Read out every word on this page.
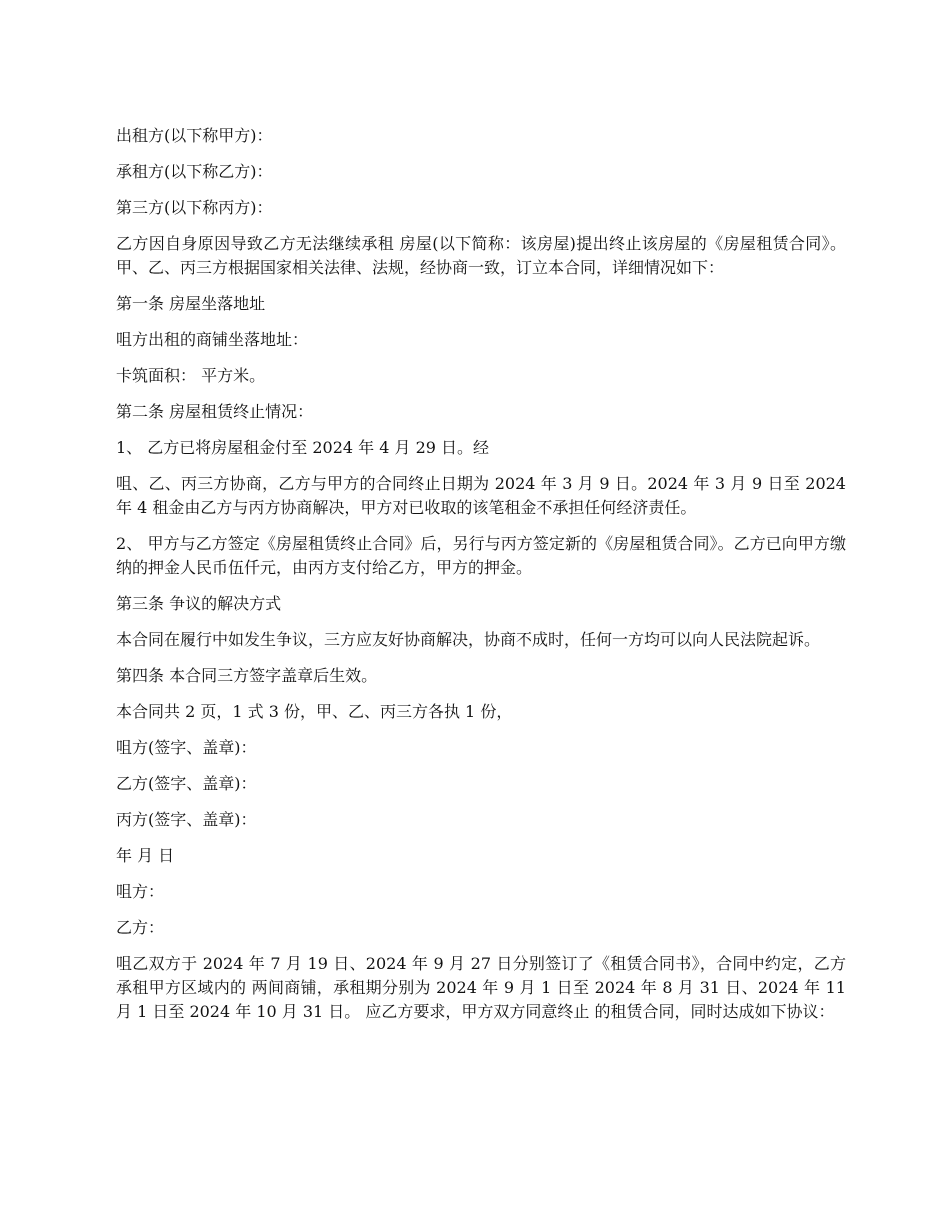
出租方(以下称甲方)：

承租方(以下称乙方)：

第三方(以下称丙方)：

乙方因自身原因导致乙方无法继续承租 房屋(以下简称：该房屋)提出终止该房屋的《房屋租赁合同》。甲、乙、丙三方根据国家相关法律、法规，经协商一致，订立本合同，详细情况如下：

第一条 房屋坐落地址

咀方出租的商铺坐落地址：

卡筑面积： 平方米。

第二条 房屋租赁终止情况：

1、 乙方已将房屋租金付至 2024 年 4 月 29 日。经

咀、乙、丙三方协商，乙方与甲方的合同终止日期为 2024 年 3 月 9 日。2024 年 3 月 9 日至 2024 年 4 租金由乙方与丙方协商解决，甲方对已收取的该笔租金不承担任何经济责任。

2、 甲方与乙方签定《房屋租赁终止合同》后，另行与丙方签定新的《房屋租赁合同》。乙方已向甲方缴纳的押金人民币伍仟元，由丙方支付给乙方，甲方的押金。

第三条 争议的解决方式

本合同在履行中如发生争议，三方应友好协商解决，协商不成时，任何一方均可以向人民法院起诉。

第四条 本合同三方签字盖章后生效。

本合同共 2 页，1 式 3 份，甲、乙、丙三方各执 1 份，

咀方(签字、盖章)：

乙方(签字、盖章)：

丙方(签字、盖章)：

年 月 日

咀方：

乙方：

咀乙双方于 2024 年 7 月 19 日、2024 年 9 月 27 日分别签订了《租赁合同书》，合同中约定，乙方承租甲方区域内的 两间商铺，承租期分别为 2024 年 9 月 1 日至 2024 年 8 月 31 日、2024 年 11 月 1 日至 2024 年 10 月 31 日。 应乙方要求，甲方双方同意终止 的租赁合同，同时达成如下协议：
